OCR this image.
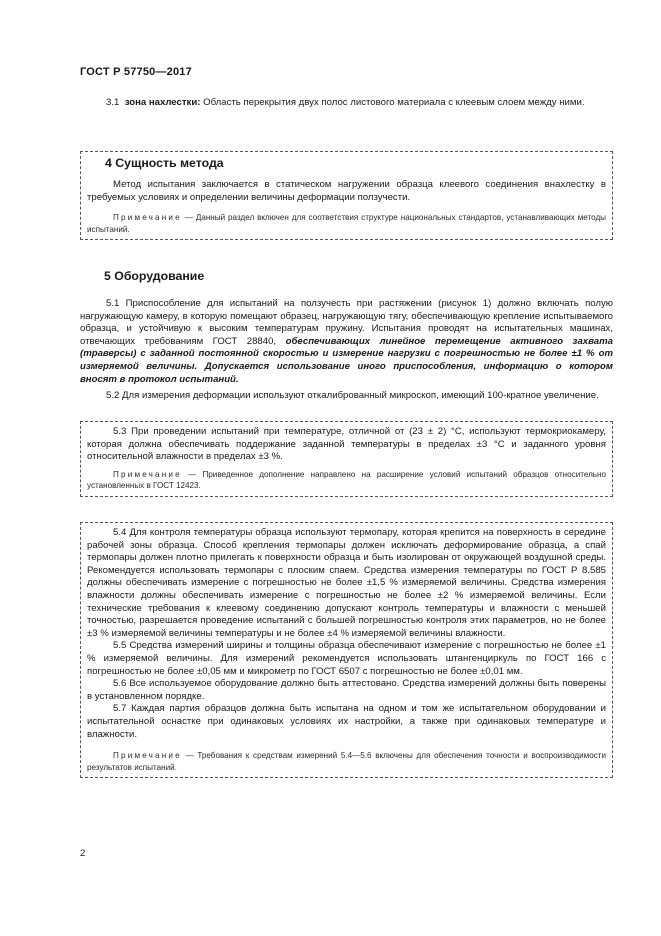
ГОСТ Р 57750—2017

3.1 зона нахлестки: Область перекрытия двух полос листового материала с клеевым слоем между ними.

4 Сущность метода

Метод испытания заключается в статическом нагружении образца клеевого соединения внахлестку в требуемых условиях и определении величины деформации ползучести.

Примечание — Данный раздел включен для соответствия структуре национальных стандартов, устанавливающих методы испытаний.

5 Оборудование

5.1 Приспособление для испытаний на ползучесть при растяжении (рисунок 1) должно включать полую нагружающую камеру, в которую помещают образец, нагружающую тягу, обеспечивающую крепление испытываемого образца, и устойчивую к высоким температурам пружину. Испытания проводят на испытательных машинах, отвечающих требованиям ГОСТ 28840, обеспечивающих линейное перемещение активного захвата (траверсы) с заданной постоянной скоростью и измерение нагрузки с погрешностью не более ±1 % от измеряемой величины. Допускается использование иного приспособления, информацию о котором вносят в протокол испытаний.

5.2 Для измерения деформации используют откалиброванный микроскоп, имеющий 100-кратное увеличение.

5.3 При проведении испытаний при температуре, отличной от (23 ± 2) °С, используют термокриокамеру, которая должна обеспечивать поддержание заданной температуры в пределах ±3 °С и заданного уровня относительной влажности в пределах ±3 %.

Примечание — Приведенное дополнение направлено на расширение условий испытаний образцов относительно установленных в ГОСТ 12423.

5.4 Для контроля температуры образца используют термопару, которая крепится на поверхность в середине рабочей зоны образца. Способ крепления термопары должен исключать деформирование образца, а спай термопары должен плотно прилегать к поверхности образца и быть изолирован от окружающей воздушной среды. Рекомендуется использовать термопары с плоским спаем. Средства измерения температуры по ГОСТ Р 8.585 должны обеспечивать измерение с погрешностью не более ±1,5 % измеряемой величины. Средства измерения влажности должны обеспечивать измерение с погрешностью не более ±2 % измеряемой величины. Если технические требования к клеевому соединению допускают контроль температуры и влажности с меньшей точностью, разрешается проведение испытаний с большей погрешностью контроля этих параметров, но не более ±3 % измеряемой величины температуры и не более ±4 % измеряемой величины влажности.

5.5 Средства измерений ширины и толщины образца обеспечивают измерение с погрешностью не более ±1 % измеряемой величины. Для измерений рекомендуется использовать штангенциркуль по ГОСТ 166 с погрешностью не более ±0,05 мм и микрометр по ГОСТ 6507 с погрешностью не более ±0,01 мм.

5.6 Все используемое оборудование должно быть аттестовано. Средства измерений должны быть поверены в установленном порядке.

5.7 Каждая партия образцов должна быть испытана на одном и том же испытательном оборудовании и испытательной оснастке при одинаковых условиях их настройки, а также при одинаковых температуре и влажности.

Примечание — Требования к средствам измерений 5.4—5.6 включены для обеспечения точности и воспроизводимости результатов испытаний.

2
